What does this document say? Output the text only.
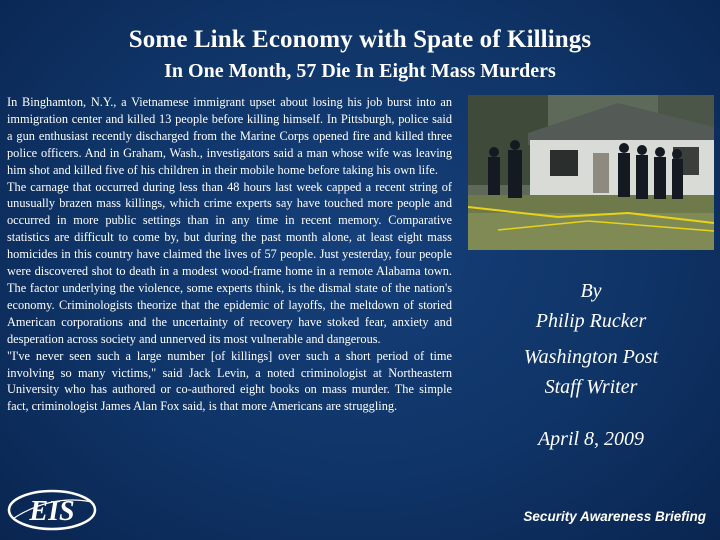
Some Link Economy with Spate of Killings
In One Month, 57 Die In Eight Mass Murders

In Binghamton, N.Y., a Vietnamese immigrant upset about losing his job burst into an immigration center and killed 13 people before killing himself. In Pittsburgh, police said a gun enthusiast recently discharged from the Marine Corps opened fire and killed three police officers. And in Graham, Wash., investigators said a man whose wife was leaving him shot and killed five of his children in their mobile home before taking his own life.

The carnage that occurred during less than 48 hours last week capped a recent string of unusually brazen mass killings, which crime experts say have touched more people and occurred in more public settings than in any time in recent memory. Comparative statistics are difficult to come by, but during the past month alone, at least eight mass homicides in this country have claimed the lives of 57 people. Just yesterday, four people were discovered shot to death in a modest wood-frame home in a remote Alabama town. The factor underlying the violence, some experts think, is the dismal state of the nation's economy. Criminologists theorize that the epidemic of layoffs, the meltdown of storied American corporations and the uncertainty of recovery have stoked fear, anxiety and desperation across society and unnerved its most vulnerable and dangerous.

"I've never seen such a large number [of killings] over such a short period of time involving so many victims," said Jack Levin, a noted criminologist at Northeastern University who has authored or co-authored eight books on mass murder. The simple fact, criminologist James Alan Fox said, is that more Americans are struggling.

By
Philip Rucker
Washington Post
Staff Writer
April 8, 2009
EIS	Security Awareness Briefing
